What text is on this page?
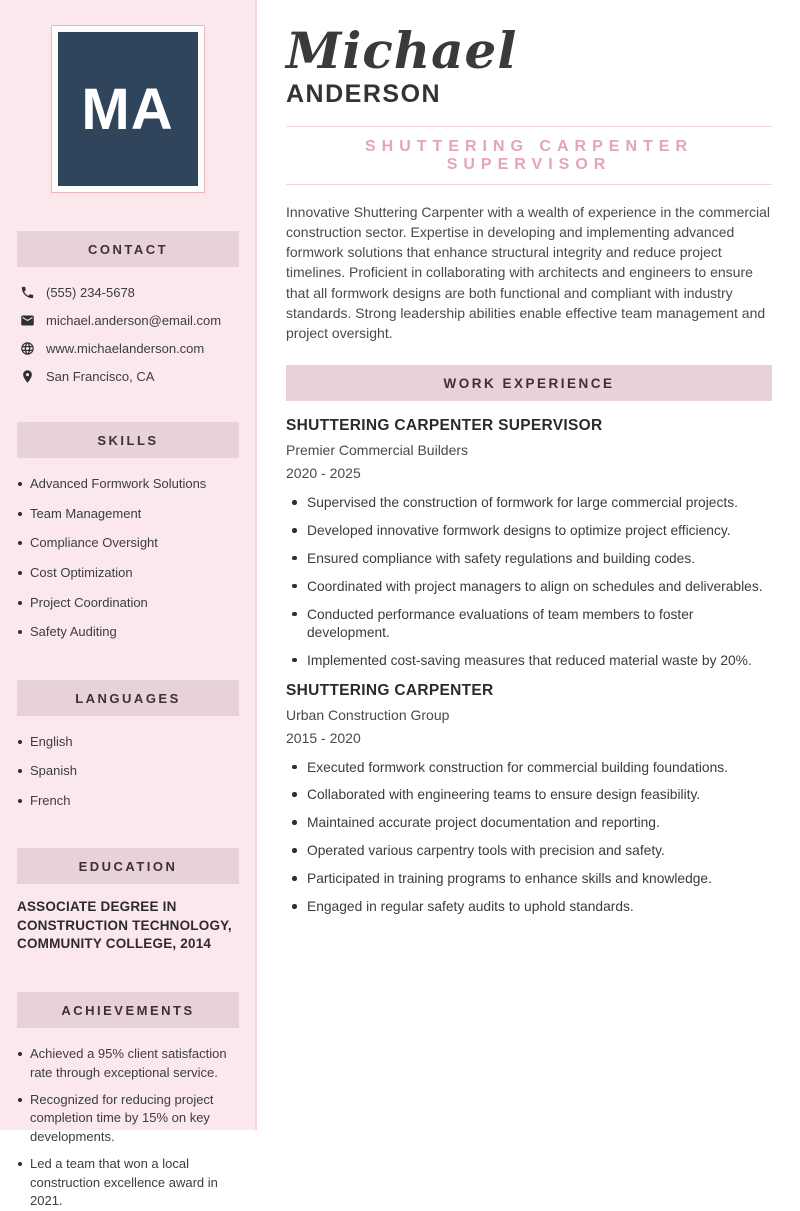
MA
CONTACT
(555) 234-5678
michael.anderson@email.com
www.michaelanderson.com
San Francisco, CA
SKILLS
Advanced Formwork Solutions
Team Management
Compliance Oversight
Cost Optimization
Project Coordination
Safety Auditing
LANGUAGES
English
Spanish
French
EDUCATION

ASSOCIATE DEGREE IN CONSTRUCTION TECHNOLOGY, COMMUNITY COLLEGE, 2014

ACHIEVEMENTS
Achieved a 95% client satisfaction rate through exceptional service.
Recognized for reducing project completion time by 15% on key developments.
Led a team that won a local construction excellence award in 2021.
Michael
ANDERSON
SHUTTERING CARPENTER SUPERVISOR

Innovative Shuttering Carpenter with a wealth of experience in the commercial construction sector. Expertise in developing and implementing advanced formwork solutions that enhance structural integrity and reduce project timelines. Proficient in collaborating with architects and engineers to ensure that all formwork designs are both functional and compliant with industry standards. Strong leadership abilities enable effective team management and project oversight.

WORK EXPERIENCE
SHUTTERING CARPENTER SUPERVISOR
Premier Commercial Builders
2020 - 2025
Supervised the construction of formwork for large commercial projects.
Developed innovative formwork designs to optimize project efficiency.
Ensured compliance with safety regulations and building codes.
Coordinated with project managers to align on schedules and deliverables.
Conducted performance evaluations of team members to foster development.
Implemented cost-saving measures that reduced material waste by 20%.
SHUTTERING CARPENTER
Urban Construction Group
2015 - 2020
Executed formwork construction for commercial building foundations.
Collaborated with engineering teams to ensure design feasibility.
Maintained accurate project documentation and reporting.
Operated various carpentry tools with precision and safety.
Participated in training programs to enhance skills and knowledge.
Engaged in regular safety audits to uphold standards.
